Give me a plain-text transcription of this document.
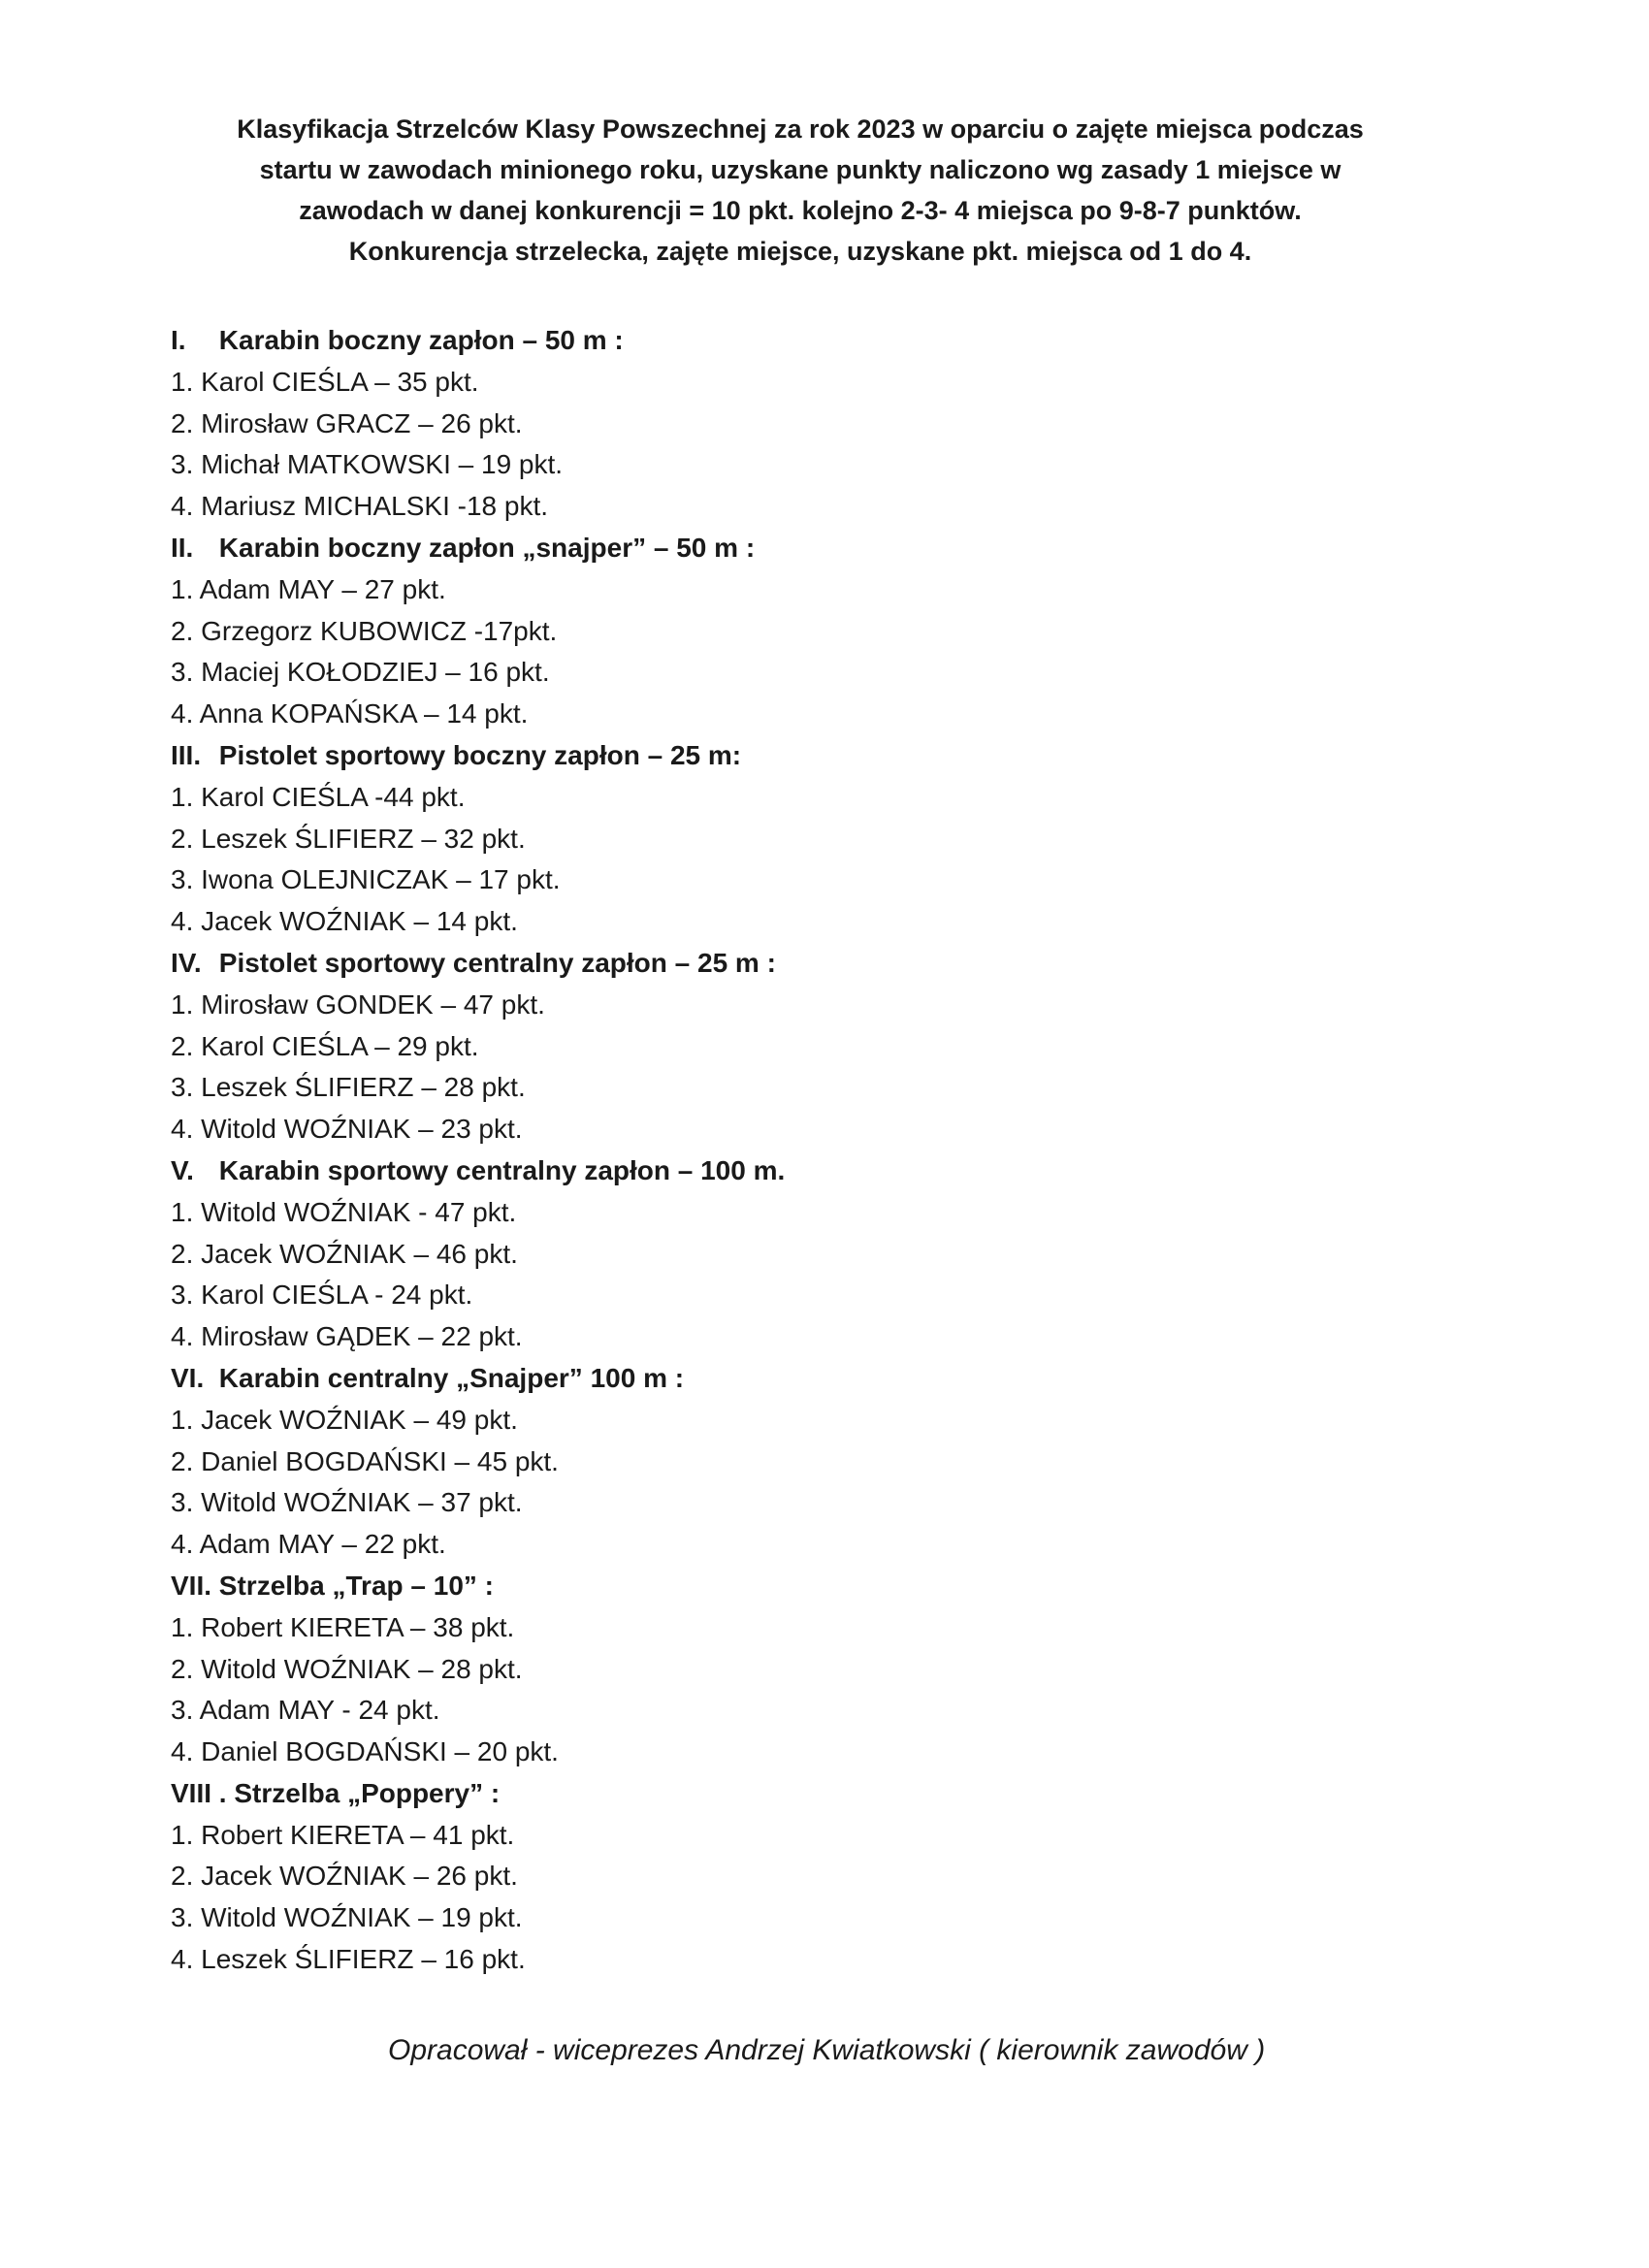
Klasyfikacja Strzelców Klasy Powszechnej za rok 2023 w oparciu o zajęte miejsca podczas
startu w zawodach minionego roku, uzyskane punkty naliczono wg zasady 1 miejsce w
zawodach w danej konkurencji = 10 pkt. kolejno 2-3- 4 miejsca po 9-8-7 punktów.
Konkurencja strzelecka, zajęte miejsce, uzyskane pkt. miejsca od 1 do 4.

I. Karabin boczny zapłon – 50 m :

1. Karol CIEŚLA – 35 pkt.

2. Mirosław GRACZ – 26 pkt.

3. Michał MATKOWSKI – 19 pkt.

4. Mariusz MICHALSKI -18 pkt.

II. Karabin boczny zapłon „snajper” – 50 m :

1. Adam MAY – 27 pkt.

2. Grzegorz KUBOWICZ -17pkt.

3. Maciej KOŁODZIEJ – 16 pkt.

4. Anna KOPAŃSKA – 14 pkt.

III. Pistolet sportowy boczny zapłon – 25 m:

1. Karol CIEŚLA -44 pkt.

2. Leszek ŚLIFIERZ – 32 pkt.

3. Iwona OLEJNICZAK – 17 pkt.

4. Jacek WOŹNIAK – 14 pkt.

IV. Pistolet sportowy centralny zapłon – 25 m :

1. Mirosław GONDEK – 47 pkt.

2. Karol CIEŚLA – 29 pkt.

3. Leszek ŚLIFIERZ – 28 pkt.

4. Witold WOŹNIAK – 23 pkt.

V. Karabin sportowy centralny zapłon – 100 m.

1. Witold WOŹNIAK - 47 pkt.

2. Jacek WOŹNIAK – 46 pkt.

3. Karol CIEŚLA - 24 pkt.

4. Mirosław GĄDEK – 22 pkt.

VI. Karabin centralny „Snajper” 100 m :

1. Jacek WOŹNIAK – 49 pkt.

2. Daniel BOGDAŃSKI – 45 pkt.

3. Witold WOŹNIAK – 37 pkt.

4. Adam MAY – 22 pkt.

VII. Strzelba „Trap – 10” :

1. Robert KIERETA – 38 pkt.

2. Witold WOŹNIAK – 28 pkt.

3. Adam MAY - 24 pkt.

4. Daniel BOGDAŃSKI – 20 pkt.

VIII . Strzelba „Poppery” :

1. Robert KIERETA – 41 pkt.

2. Jacek WOŹNIAK – 26 pkt.

3. Witold WOŹNIAK – 19 pkt.

4. Leszek ŚLIFIERZ – 16 pkt.

Opracował - wiceprezes Andrzej Kwiatkowski ( kierownik zawodów )
